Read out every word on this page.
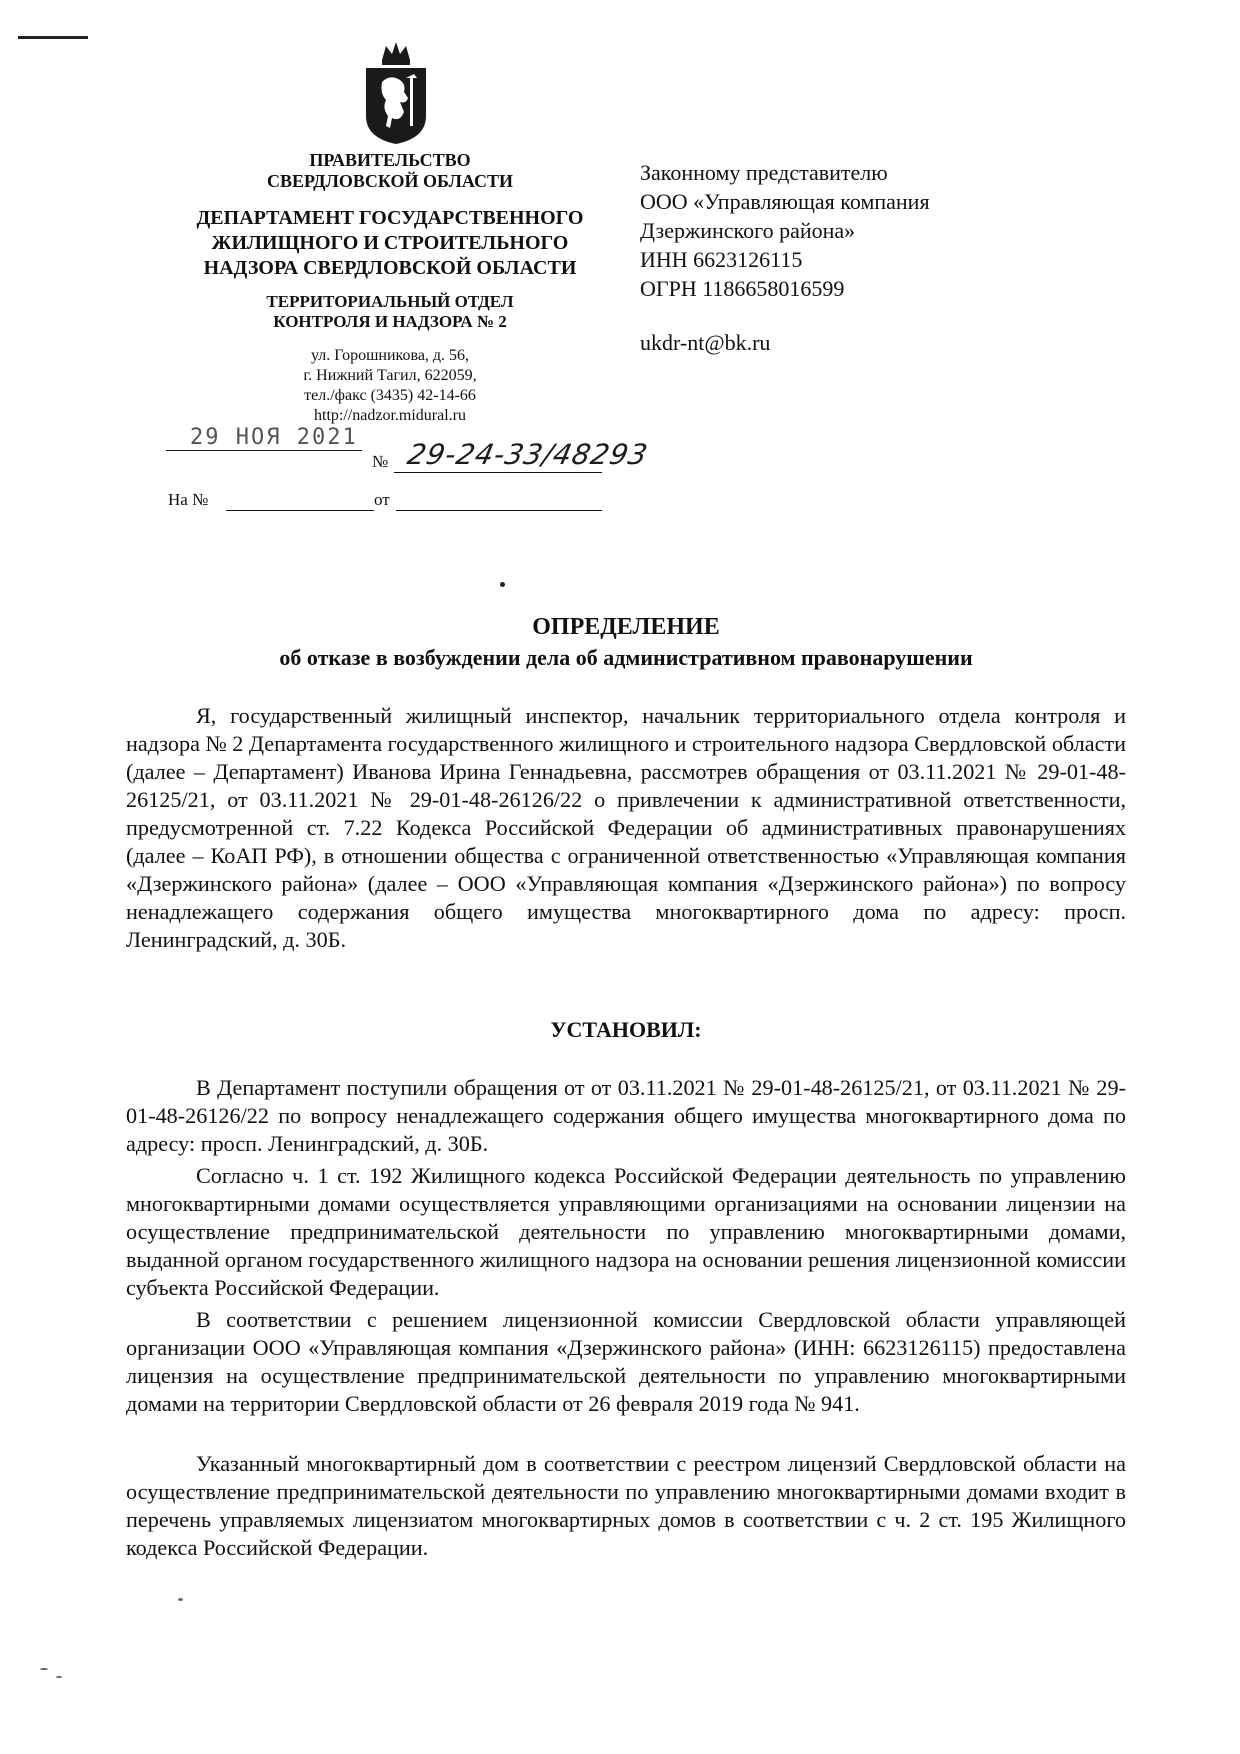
ПРАВИТЕЛЬСТВО
СВЕРДЛОВСКОЙ ОБЛАСТИ
ДЕПАРТАМЕНТ ГОСУДАРСТВЕННОГО
ЖИЛИЩНОГО И СТРОИТЕЛЬНОГО
НАДЗОРА СВЕРДЛОВСКОЙ ОБЛАСТИ
ТЕРРИТОРИАЛЬНЫЙ ОТДЕЛ
КОНТРОЛЯ И НАДЗОРА № 2
ул. Горошникова, д. 56,
г. Нижний Тагил, 622059,
тел./факс (3435) 42-14-66
http://nadzor.midural.ru
29 НОЯ 2021
№ 29-24-33/48293
На №	от
Законному представителю
ООО «Управляющая компания
Дзержинского района»
ИНН 6623126115
ОГРН 1186658016599
ukdr-nt@bk.ru
ОПРЕДЕЛЕНИЕ
об отказе в возбуждении дела об административном правонарушении
Я, государственный жилищный инспектор, начальник территориального отдела контроля и надзора № 2 Департамента государственного жилищного и строительного надзора Свердловской области (далее – Департамент) Иванова Ирина Геннадьевна, рассмотрев обращения от 03.11.2021 № 29-01-48-26125/21, от 03.11.2021 № 29-01-48-26126/22 о привлечении к административной ответственности, предусмотренной ст. 7.22 Кодекса Российской Федерации об административных правонарушениях (далее – КоАП РФ), в отношении общества с ограниченной ответственностью «Управляющая компания «Дзержинского района» (далее – ООО «Управляющая компания «Дзержинского района») по вопросу ненадлежащего содержания общего имущества многоквартирного дома по адресу: просп. Ленинградский, д. 30Б.
УСТАНОВИЛ:
В Департамент поступили обращения от от 03.11.2021 № 29-01-48-26125/21, от 03.11.2021 № 29-01-48-26126/22 по вопросу ненадлежащего содержания общего имущества многоквартирного дома по адресу: просп. Ленинградский, д. 30Б.
Согласно ч. 1 ст. 192 Жилищного кодекса Российской Федерации деятельность по управлению многоквартирными домами осуществляется управляющими организациями на основании лицензии на осуществление предпринимательской деятельности по управлению многоквартирными домами, выданной органом государственного жилищного надзора на основании решения лицензионной комиссии субъекта Российской Федерации.
В соответствии с решением лицензионной комиссии Свердловской области управляющей организации ООО «Управляющая компания «Дзержинского района» (ИНН: 6623126115) предоставлена лицензия на осуществление предпринимательской деятельности по управлению многоквартирными домами на территории Свердловской области от 26 февраля 2019 года № 941.
Указанный многоквартирный дом в соответствии с реестром лицензий Свердловской области на осуществление предпринимательской деятельности по управлению многоквартирными домами входит в перечень управляемых лицензиатом многоквартирных домов в соответствии с ч. 2 ст. 195 Жилищного кодекса Российской Федерации.
